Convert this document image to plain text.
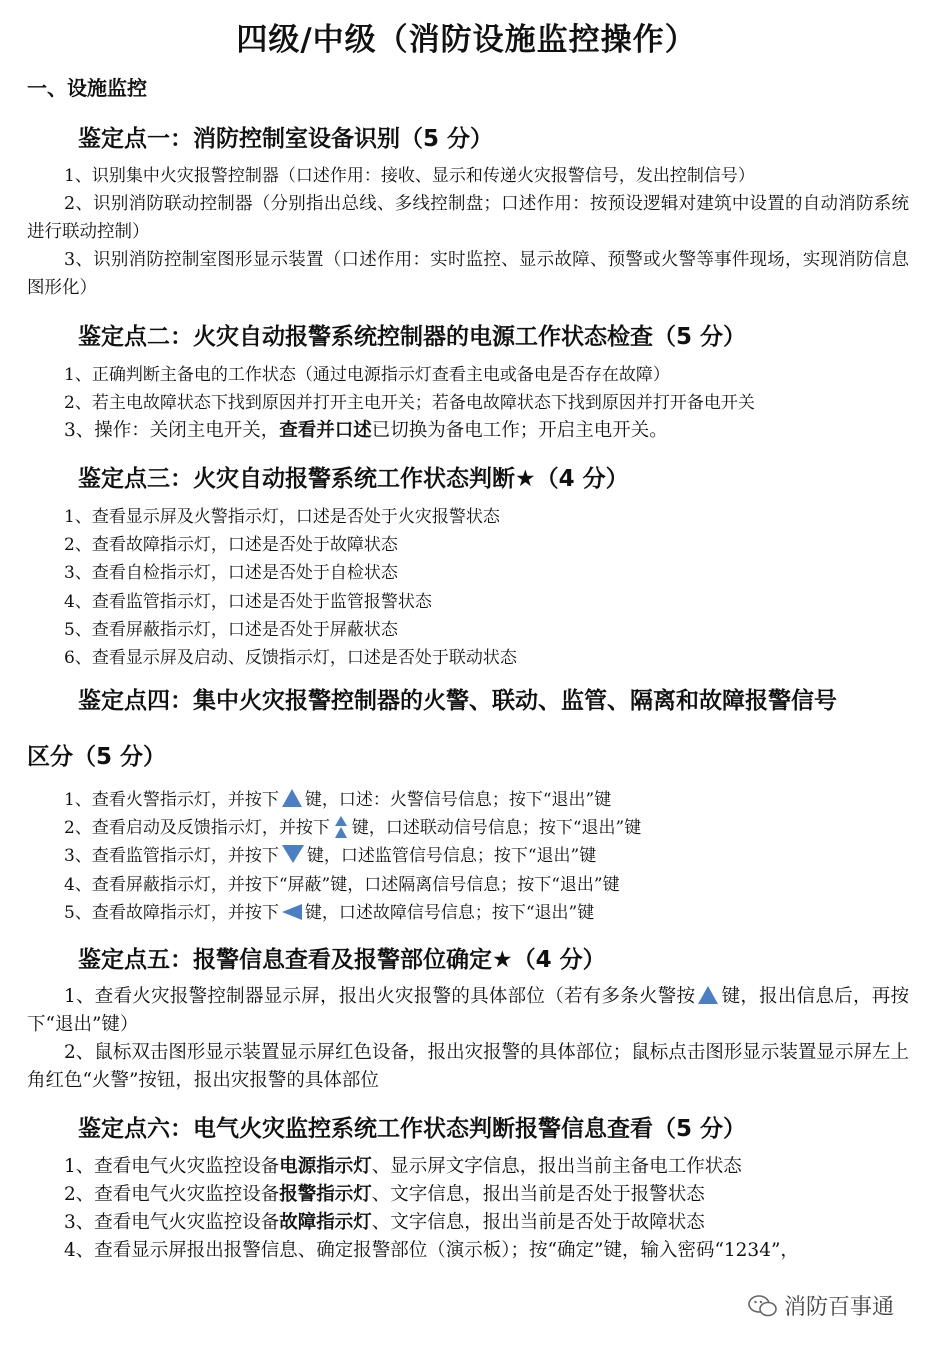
四级/中级（消防设施监控操作）
一、设施监控
鉴定点一：消防控制室设备识别（5 分）
1、识别集中火灾报警控制器（口述作用：接收、显示和传递火灾报警信号，发出控制信号）
2、识别消防联动控制器（分别指出总线、多线控制盘；口述作用：按预设逻辑对建筑中设置的自动消防系统进行联动控制）
3、识别消防控制室图形显示装置（口述作用：实时监控、显示故障、预警或火警等事件现场，实现消防信息图形化）
鉴定点二：火灾自动报警系统控制器的电源工作状态检查（5 分）
1、正确判断主备电的工作状态（通过电源指示灯查看主电或备电是否存在故障）
2、若主电故障状态下找到原因并打开主电开关；若备电故障状态下找到原因并打开备电开关
3、操作：关闭主电开关，查看并口述已切换为备电工作；开启主电开关。
鉴定点三：火灾自动报警系统工作状态判断★（4 分）
1、查看显示屏及火警指示灯，口述是否处于火灾报警状态
2、查看故障指示灯，口述是否处于故障状态
3、查看自检指示灯，口述是否处于自检状态
4、查看监管指示灯，口述是否处于监管报警状态
5、查看屏蔽指示灯，口述是否处于屏蔽状态
6、查看显示屏及启动、反馈指示灯，口述是否处于联动状态
鉴定点四：集中火灾报警控制器的火警、联动、监管、隔离和故障报警信号区分（5 分）
1、查看火警指示灯，并按下 键，口述：火警信号信息；按下“退出”键
2、查看启动及反馈指示灯，并按下 键，口述联动信号信息；按下“退出”键
3、查看监管指示灯，并按下 键，口述监管信号信息；按下“退出”键
4、查看屏蔽指示灯，并按下“屏蔽”键，口述隔离信号信息；按下“退出”键
5、查看故障指示灯，并按下 键，口述故障信号信息；按下“退出”键
鉴定点五：报警信息查看及报警部位确定★（4 分）
1、查看火灾报警控制器显示屏，报出火灾报警的具体部位（若有多条火警按 键，报出信息后，再按下“退出”键）
2、鼠标双击图形显示装置显示屏红色设备，报出灾报警的具体部位；鼠标点击图形显示装置显示屏左上角红色“火警”按钮，报出灾报警的具体部位
鉴定点六：电气火灾监控系统工作状态判断报警信息查看（5 分）
1、查看电气火灾监控设备电源指示灯、显示屏文字信息，报出当前主备电工作状态
2、查看电气火灾监控设备报警指示灯、文字信息，报出当前是否处于报警状态
3、查看电气火灾监控设备故障指示灯、文字信息，报出当前是否处于故障状态
4、查看显示屏报出报警信息、确定报警部位（演示板）；按“确定”键，输入密码“1234”，
消防百事通
